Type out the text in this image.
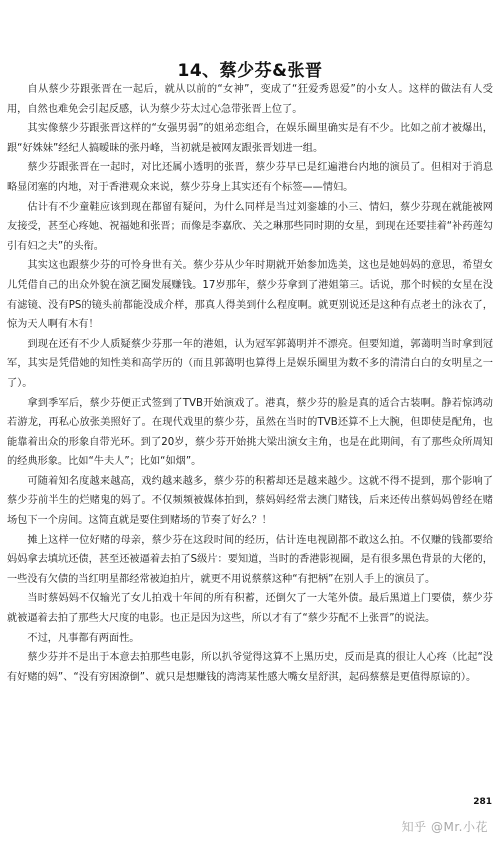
14、蔡少芬&张晋

自从蔡少芬跟张晋在一起后，就从以前的“女神”，变成了“狂爱秀恩爱”的小女人。这样的做法有人受用，自然也难免会引起反感，认为蔡少芬太过心急带张晋上位了。

其实像蔡少芬跟张晋这样的“女强男弱”的姐弟恋组合，在娱乐圈里确实是有不少。比如之前才被爆出，跟“好姝妹”经纪人搞暧昧的张丹峰，当初就是被网友跟张晋划进一组。

蔡少芬跟张晋在一起时，对比还属小透明的张晋，蔡少芬早已是红遍港台内地的演员了。但相对于消息略显闭塞的内地，对于香港观众来说，蔡少芬身上其实还有个标签——情妇。

估计有不少童鞋应该到现在都留有疑问，为什么同样是当过刘銮雄的小三、情妇，蔡少芬现在就能被网友接受，甚至心疼她、祝福她和张晋；而像是李嘉欣、关之琳那些同时期的女星，到现在还要挂着“补药莲勾引有妇之夫”的头衔。

其实这也跟蔡少芬的可怜身世有关。蔡少芬从少年时期就开始参加选美，这也是她妈妈的意思，希望女儿凭借自己的出众外貌在演艺圈发展赚钱。17岁那年，蔡少芬拿到了港姐第三。话说，那个时候的女星在没有滤镜、没有PS的镜头前都能没成介样，那真人得美到什么程度啊。就更别说还是这种有点老土的泳衣了，惊为天人啊有木有！

到现在还有不少人质疑蔡少芬那一年的港姐，认为冠军郭蔼明并不漂亮。但要知道，郭蔼明当时拿到冠军，其实是凭借她的知性美和高学历的（而且郭蔼明也算得上是娱乐圈里为数不多的清清白白的女明星之一了）。

拿到季军后，蔡少芬便正式签到了TVB开始演戏了。港真，蔡少芬的脸是真的适合古装啊。静若惊鸿动若游龙，再私心放张美照好了。在现代戏里的蔡少芬，虽然在当时的TVB还算不上大腕，但即使是配角，也能靠着出众的形象自带光环。到了20岁，蔡少芬开始挑大梁出演女主角，也是在此期间，有了那些众所周知的经典形象。比如“牛夫人”；比如“如烟”。

可随着知名度越来越高，戏约越来越多，蔡少芬的积蓄却还是越来越少。这就不得不提到，那个影响了蔡少芬前半生的烂赌鬼的妈了。不仅频频被媒体拍到，蔡妈妈经常去澳门赌钱，后来还传出蔡妈妈曾经在赌场包下一个房间。这简直就是要住到赌场的节奏了好么？！

摊上这样一位好赌的母亲，蔡少芬在这段时间的经历，估计连电视剧都不敢这么拍。不仅赚的钱都要给妈妈拿去填坑还债，甚至还被逼着去拍了S级片：要知道，当时的香港影视圈，是有很多黑色背景的大佬的，一些没有欠债的当红明星都经常被迫拍片，就更不用说蔡蔡这种“有把柄”在别人手上的演员了。

当时蔡妈妈不仅输光了女儿拍戏十年间的所有积蓄，还倒欠了一大笔外债。最后黑道上门要债，蔡少芬就被逼着去拍了那些大尺度的电影。也正是因为这些，所以才有了“蔡少芬配不上张晋”的说法。

不过，凡事都有两面性。

蔡少芬并不是出于本意去拍那些电影，所以扒爷觉得这算不上黑历史，反而是真的很让人心疼（比起“没有好赌的妈”、“没有穷困潦倒”、就只是想赚钱的湾湾某性感大嘴女星舒淇，起码蔡蔡是更值得原谅的）。

281
知乎 @Mr.小花
